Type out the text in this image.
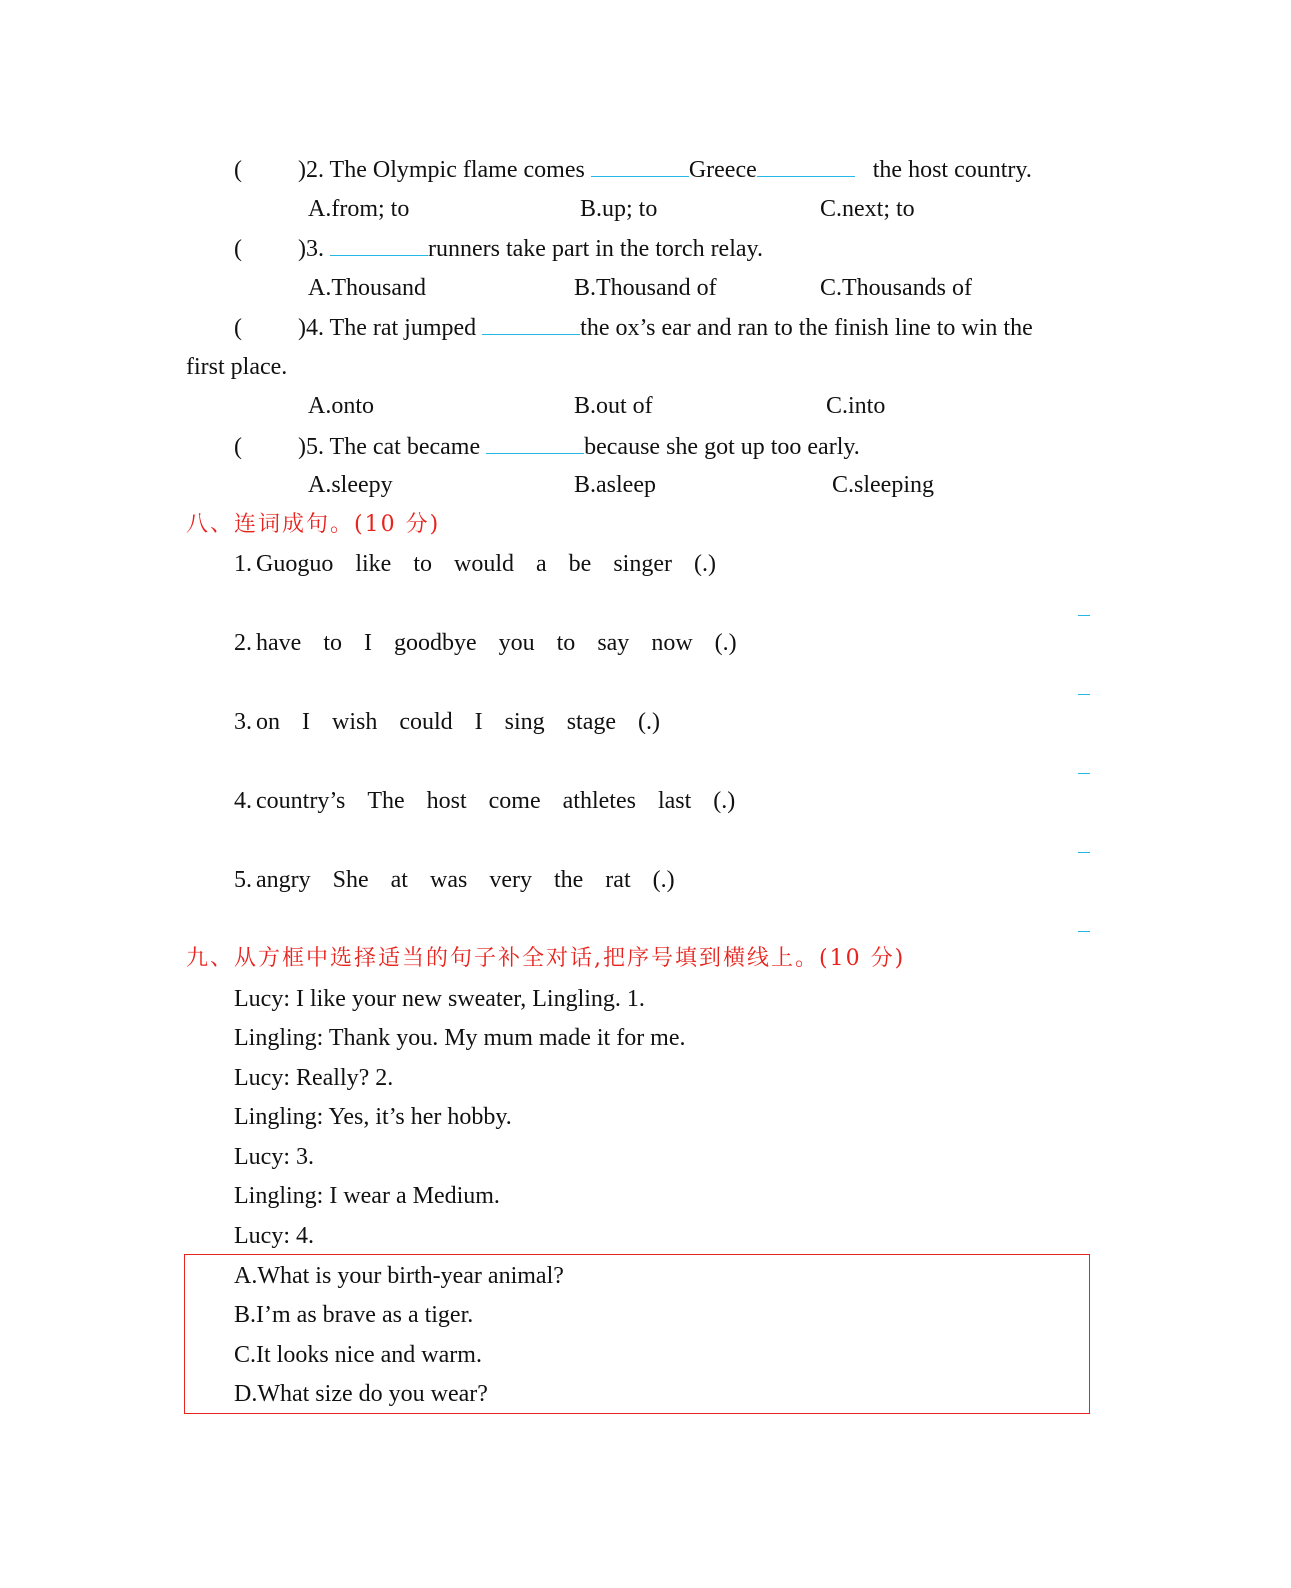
( )2. The Olympic flame comes	Greece	the host country.
A.from; to	B.up; to	C.next; to
( )3.	runners take part in the torch relay.
A.Thousand	B.Thousand of	C.Thousands of
( )4. The rat jumped	the ox’s ear and ran to the finish line to win the
first place.
A.onto	B.out of	C.into
( )5. The cat became	because she got up too early.
A.sleepy	B.asleep	C.sleeping
八、连词成句。(10 分)
1. Guoguo like to would a be singer (.)
2. have to I goodbye you to say now (.)
3. on I wish could I sing stage (.)
4. country’s The host come athletes last (.)
5. angry She at was very the rat (.)
九、从方框中选择适当的句子补全对话,把序号填到横线上。(10 分)
Lucy: I like your new sweater, Lingling. 1.
Lingling: Thank you. My mum made it for me.
Lucy: Really? 2.
Lingling: Yes, it’s her hobby.
Lucy: 3.
Lingling: I wear a Medium.
Lucy: 4.
A.What is your birth-year animal?
B.I’m as brave as a tiger.
C.It looks nice and warm.
D.What size do you wear?
